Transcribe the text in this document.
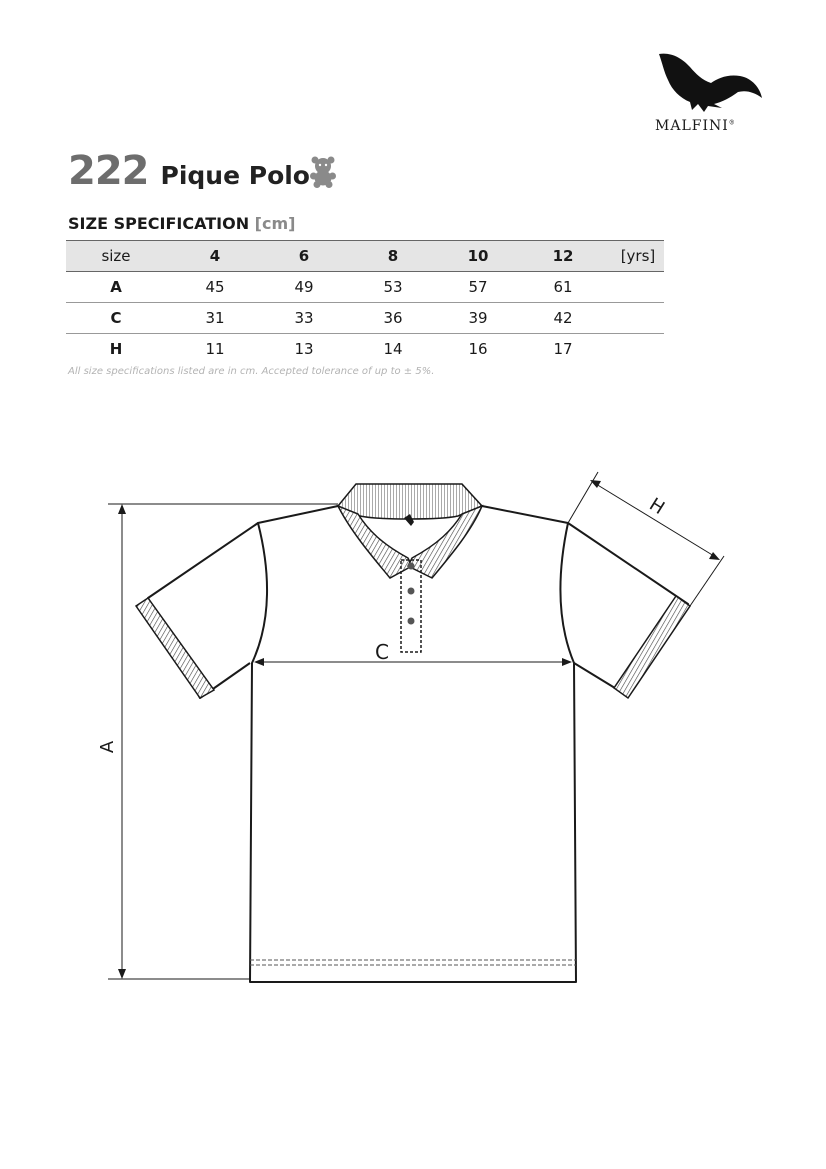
MALFINI®
222 Pique Polo
SIZE SPECIFICATION [cm]
size	4	6	8	10	12	[yrs]
A	45	49	53	57	61	
C	31	33	36	39	42	
H	11	13	14	16	17	
All size specifications listed are in cm. Accepted tolerance of up to ± 5%.
A
C
H
